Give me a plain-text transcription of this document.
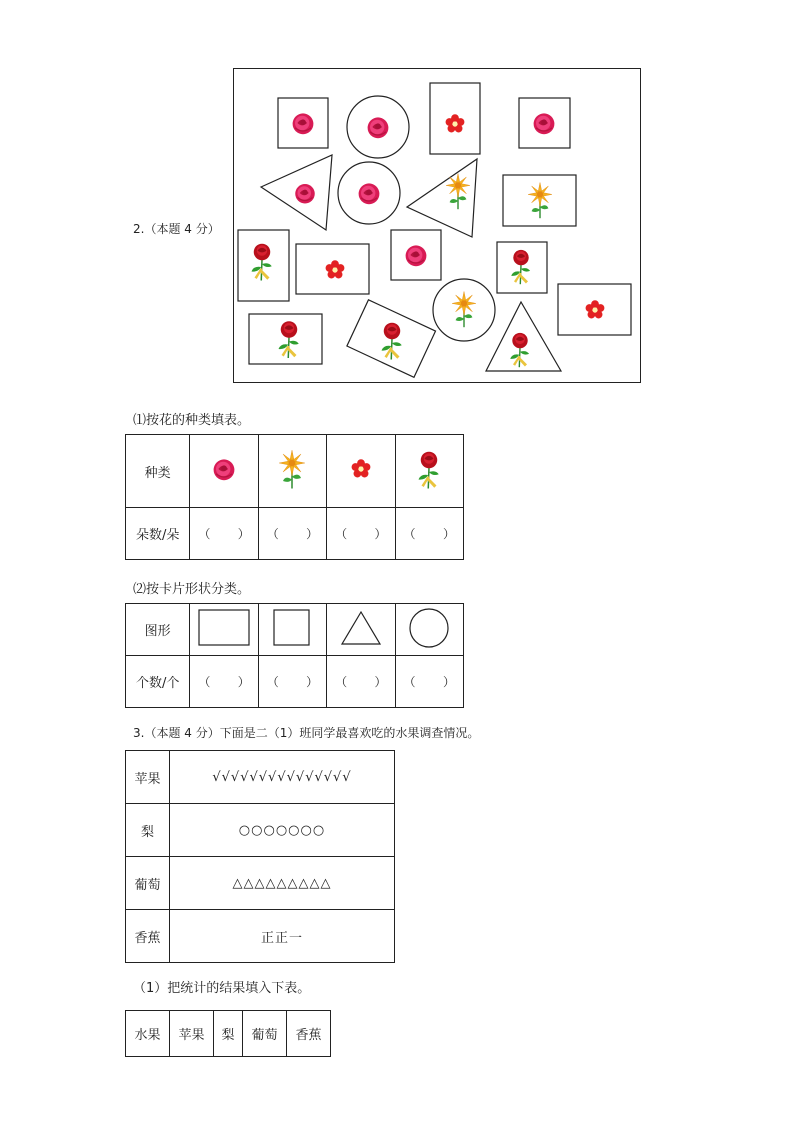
2.（本题 4 分）
⑴按花的种类填表。
种类				
朵数/朵	（ ）	（ ）	（ ）	（ ）
⑵按卡片形状分类。
图形				
个数/个	（ ）	（ ）	（ ）	（ ）
3.（本题 4 分）下面是二（1）班同学最喜欢吃的水果调查情况。
苹果	√√√√√√√√√√√√√√√
梨	○○○○○○○
葡萄	△△△△△△△△△
香蕉	正正一
（1）把统计的结果填入下表。
水果	苹果	梨	葡萄	香蕉
